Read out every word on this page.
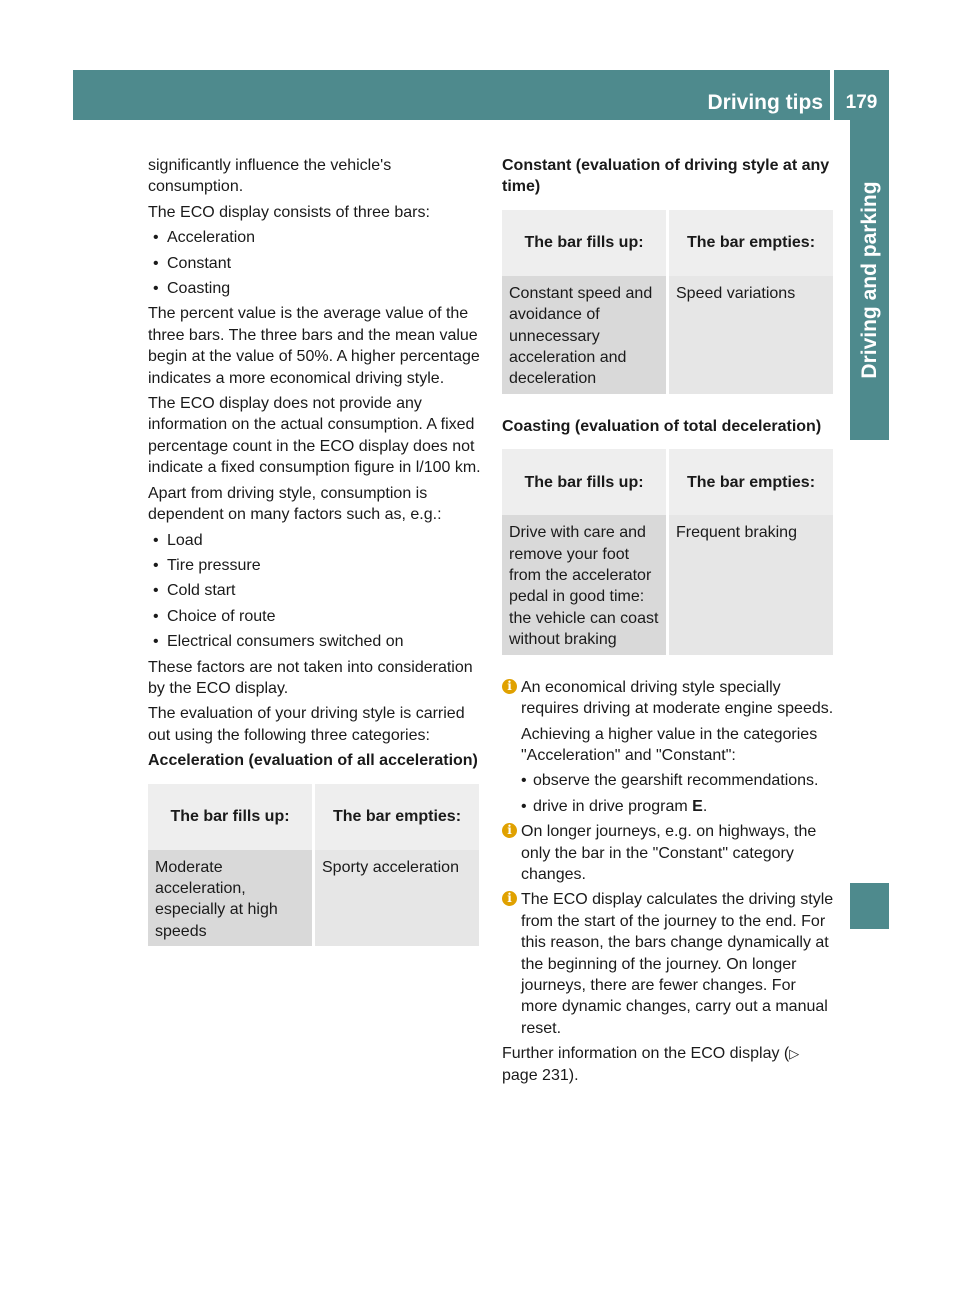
Driving tips	179
Driving and parking

significantly influence the vehicle's consumption.

The ECO display consists of three bars:

• Acceleration
• Constant
• Coasting

The percent value is the average value of the three bars. The three bars and the mean value begin at the value of 50%. A higher percentage indicates a more economical driving style.

The ECO display does not provide any information on the actual consumption. A fixed percentage count in the ECO display does not indicate a fixed consumption figure in l/100 km.

Apart from driving style, consumption is dependent on many factors such as, e.g.:

• Load
• Tire pressure
• Cold start
• Choice of route
• Electrical consumers switched on

These factors are not taken into consideration by the ECO display.

The evaluation of your driving style is carried out using the following three categories:

Acceleration (evaluation of all acceleration)

The bar fills up:	The bar empties:
Moderate acceleration, especially at high speeds	Sporty acceleration

Constant (evaluation of driving style at any time)

The bar fills up:	The bar empties:
Constant speed and avoidance of unnecessary acceleration and deceleration	Speed variations

Coasting (evaluation of total deceleration)

The bar fills up:	The bar empties:
Drive with care and remove your foot from the accelerator pedal in good time: the vehicle can coast without braking	Frequent braking
i An economical driving style specially requires driving at moderate engine speeds.

Achieving a higher value in the categories "Acceleration" and "Constant":

• observe the gearshift recommendations.
• drive in drive program E.
i On longer journeys, e.g. on highways, the only the bar in the "Constant" category changes.

i The ECO display calculates the driving style from the start of the journey to the end. For this reason, the bars change dynamically at the beginning of the journey. On longer journeys, there are fewer changes. For more dynamic changes, carry out a manual reset.

Further information on the ECO display (▷ page 231).
